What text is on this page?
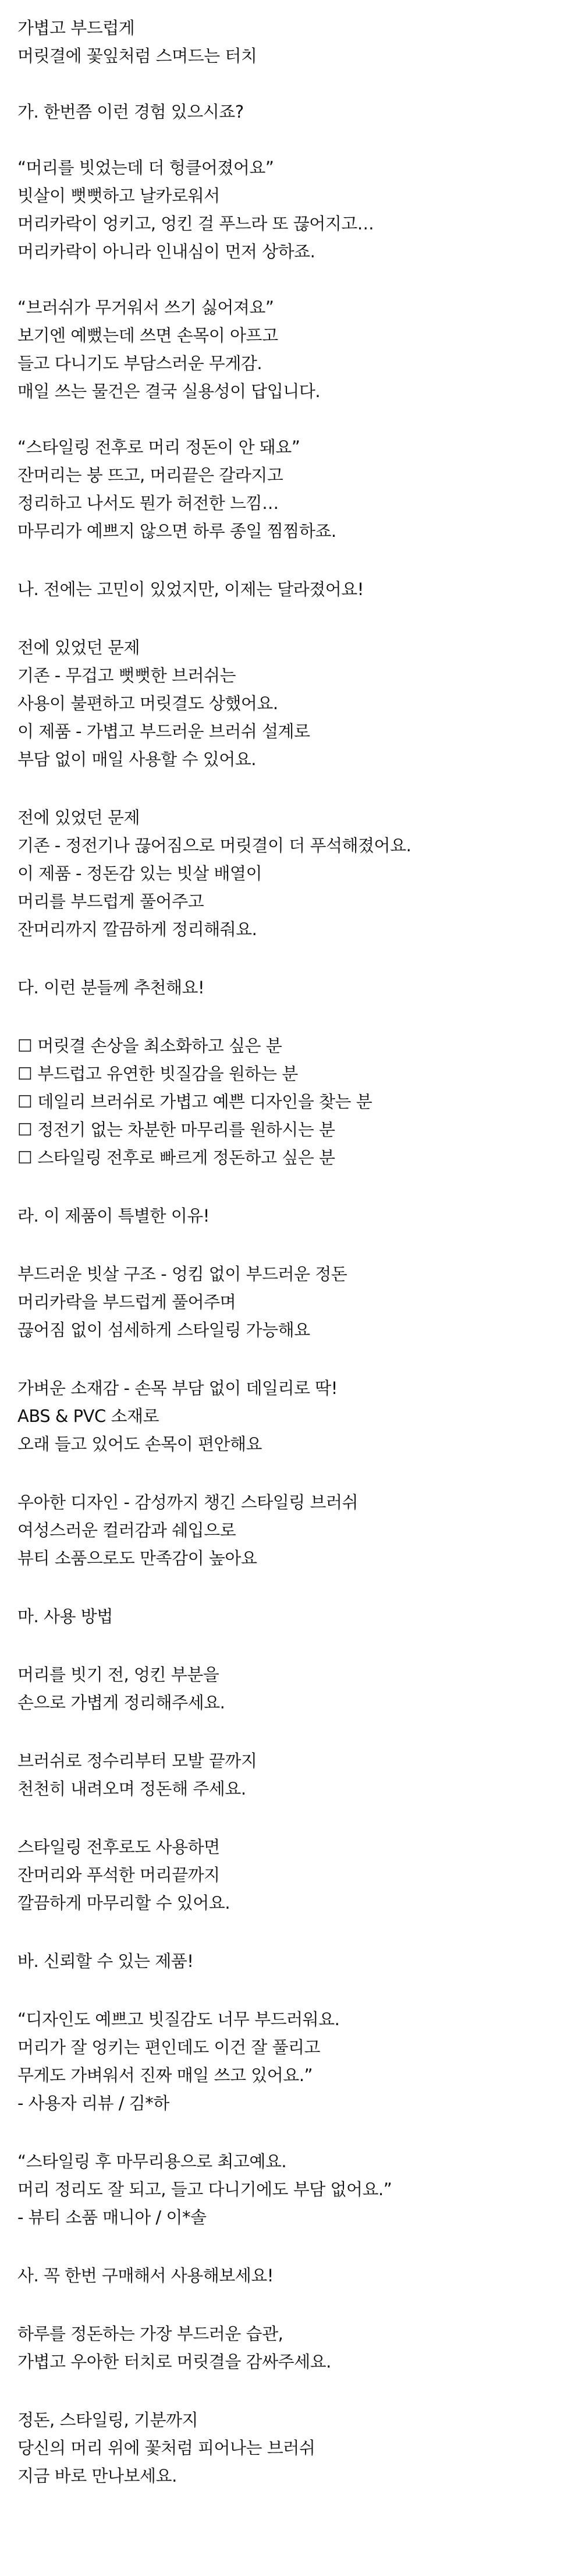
가볍고 부드럽게
머릿결에 꽃잎처럼 스며드는 터치
가. 한번쯤 이런 경험 있으시죠?
“머리를 빗었는데 더 헝클어졌어요”
빗살이 뻣뻣하고 날카로워서
머리카락이 엉키고, 엉킨 걸 푸느라 또 끊어지고…
머리카락이 아니라 인내심이 먼저 상하죠.
“브러쉬가 무거워서 쓰기 싫어져요”
보기엔 예뻤는데 쓰면 손목이 아프고
들고 다니기도 부담스러운 무게감.
매일 쓰는 물건은 결국 실용성이 답입니다.
“스타일링 전후로 머리 정돈이 안 돼요”
잔머리는 붕 뜨고, 머리끝은 갈라지고
정리하고 나서도 뭔가 허전한 느낌…
마무리가 예쁘지 않으면 하루 종일 찜찜하죠.
나. 전에는 고민이 있었지만, 이제는 달라졌어요!
전에 있었던 문제
기존 - 무겁고 뻣뻣한 브러쉬는
사용이 불편하고 머릿결도 상했어요.
이 제품 - 가볍고 부드러운 브러쉬 설계로
부담 없이 매일 사용할 수 있어요.
전에 있었던 문제
기존 - 정전기나 끊어짐으로 머릿결이 더 푸석해졌어요.
이 제품 - 정돈감 있는 빗살 배열이
머리를 부드럽게 풀어주고
잔머리까지 깔끔하게 정리해줘요.
다. 이런 분들께 추천해요!
☐ 머릿결 손상을 최소화하고 싶은 분
☐ 부드럽고 유연한 빗질감을 원하는 분
☐ 데일리 브러쉬로 가볍고 예쁜 디자인을 찾는 분
☐ 정전기 없는 차분한 마무리를 원하시는 분
☐ 스타일링 전후로 빠르게 정돈하고 싶은 분
라. 이 제품이 특별한 이유!
부드러운 빗살 구조 - 엉킴 없이 부드러운 정돈
머리카락을 부드럽게 풀어주며
끊어짐 없이 섬세하게 스타일링 가능해요
가벼운 소재감 - 손목 부담 없이 데일리로 딱!
ABS & PVC 소재로
오래 들고 있어도 손목이 편안해요
우아한 디자인 - 감성까지 챙긴 스타일링 브러쉬
여성스러운 컬러감과 쉐입으로
뷰티 소품으로도 만족감이 높아요
마. 사용 방법
머리를 빗기 전, 엉킨 부분을
손으로 가볍게 정리해주세요.
브러쉬로 정수리부터 모발 끝까지
천천히 내려오며 정돈해 주세요.
스타일링 전후로도 사용하면
잔머리와 푸석한 머리끝까지
깔끔하게 마무리할 수 있어요.
바. 신뢰할 수 있는 제품!
“디자인도 예쁘고 빗질감도 너무 부드러워요.
머리가 잘 엉키는 편인데도 이건 잘 풀리고
무게도 가벼워서 진짜 매일 쓰고 있어요.”
- 사용자 리뷰 / 김*하
“스타일링 후 마무리용으로 최고예요.
머리 정리도 잘 되고, 들고 다니기에도 부담 없어요.”
- 뷰티 소품 매니아 / 이*솔
사. 꼭 한번 구매해서 사용해보세요!
하루를 정돈하는 가장 부드러운 습관,
가볍고 우아한 터치로 머릿결을 감싸주세요.
정돈, 스타일링, 기분까지
당신의 머리 위에 꽃처럼 피어나는 브러쉬
지금 바로 만나보세요.
